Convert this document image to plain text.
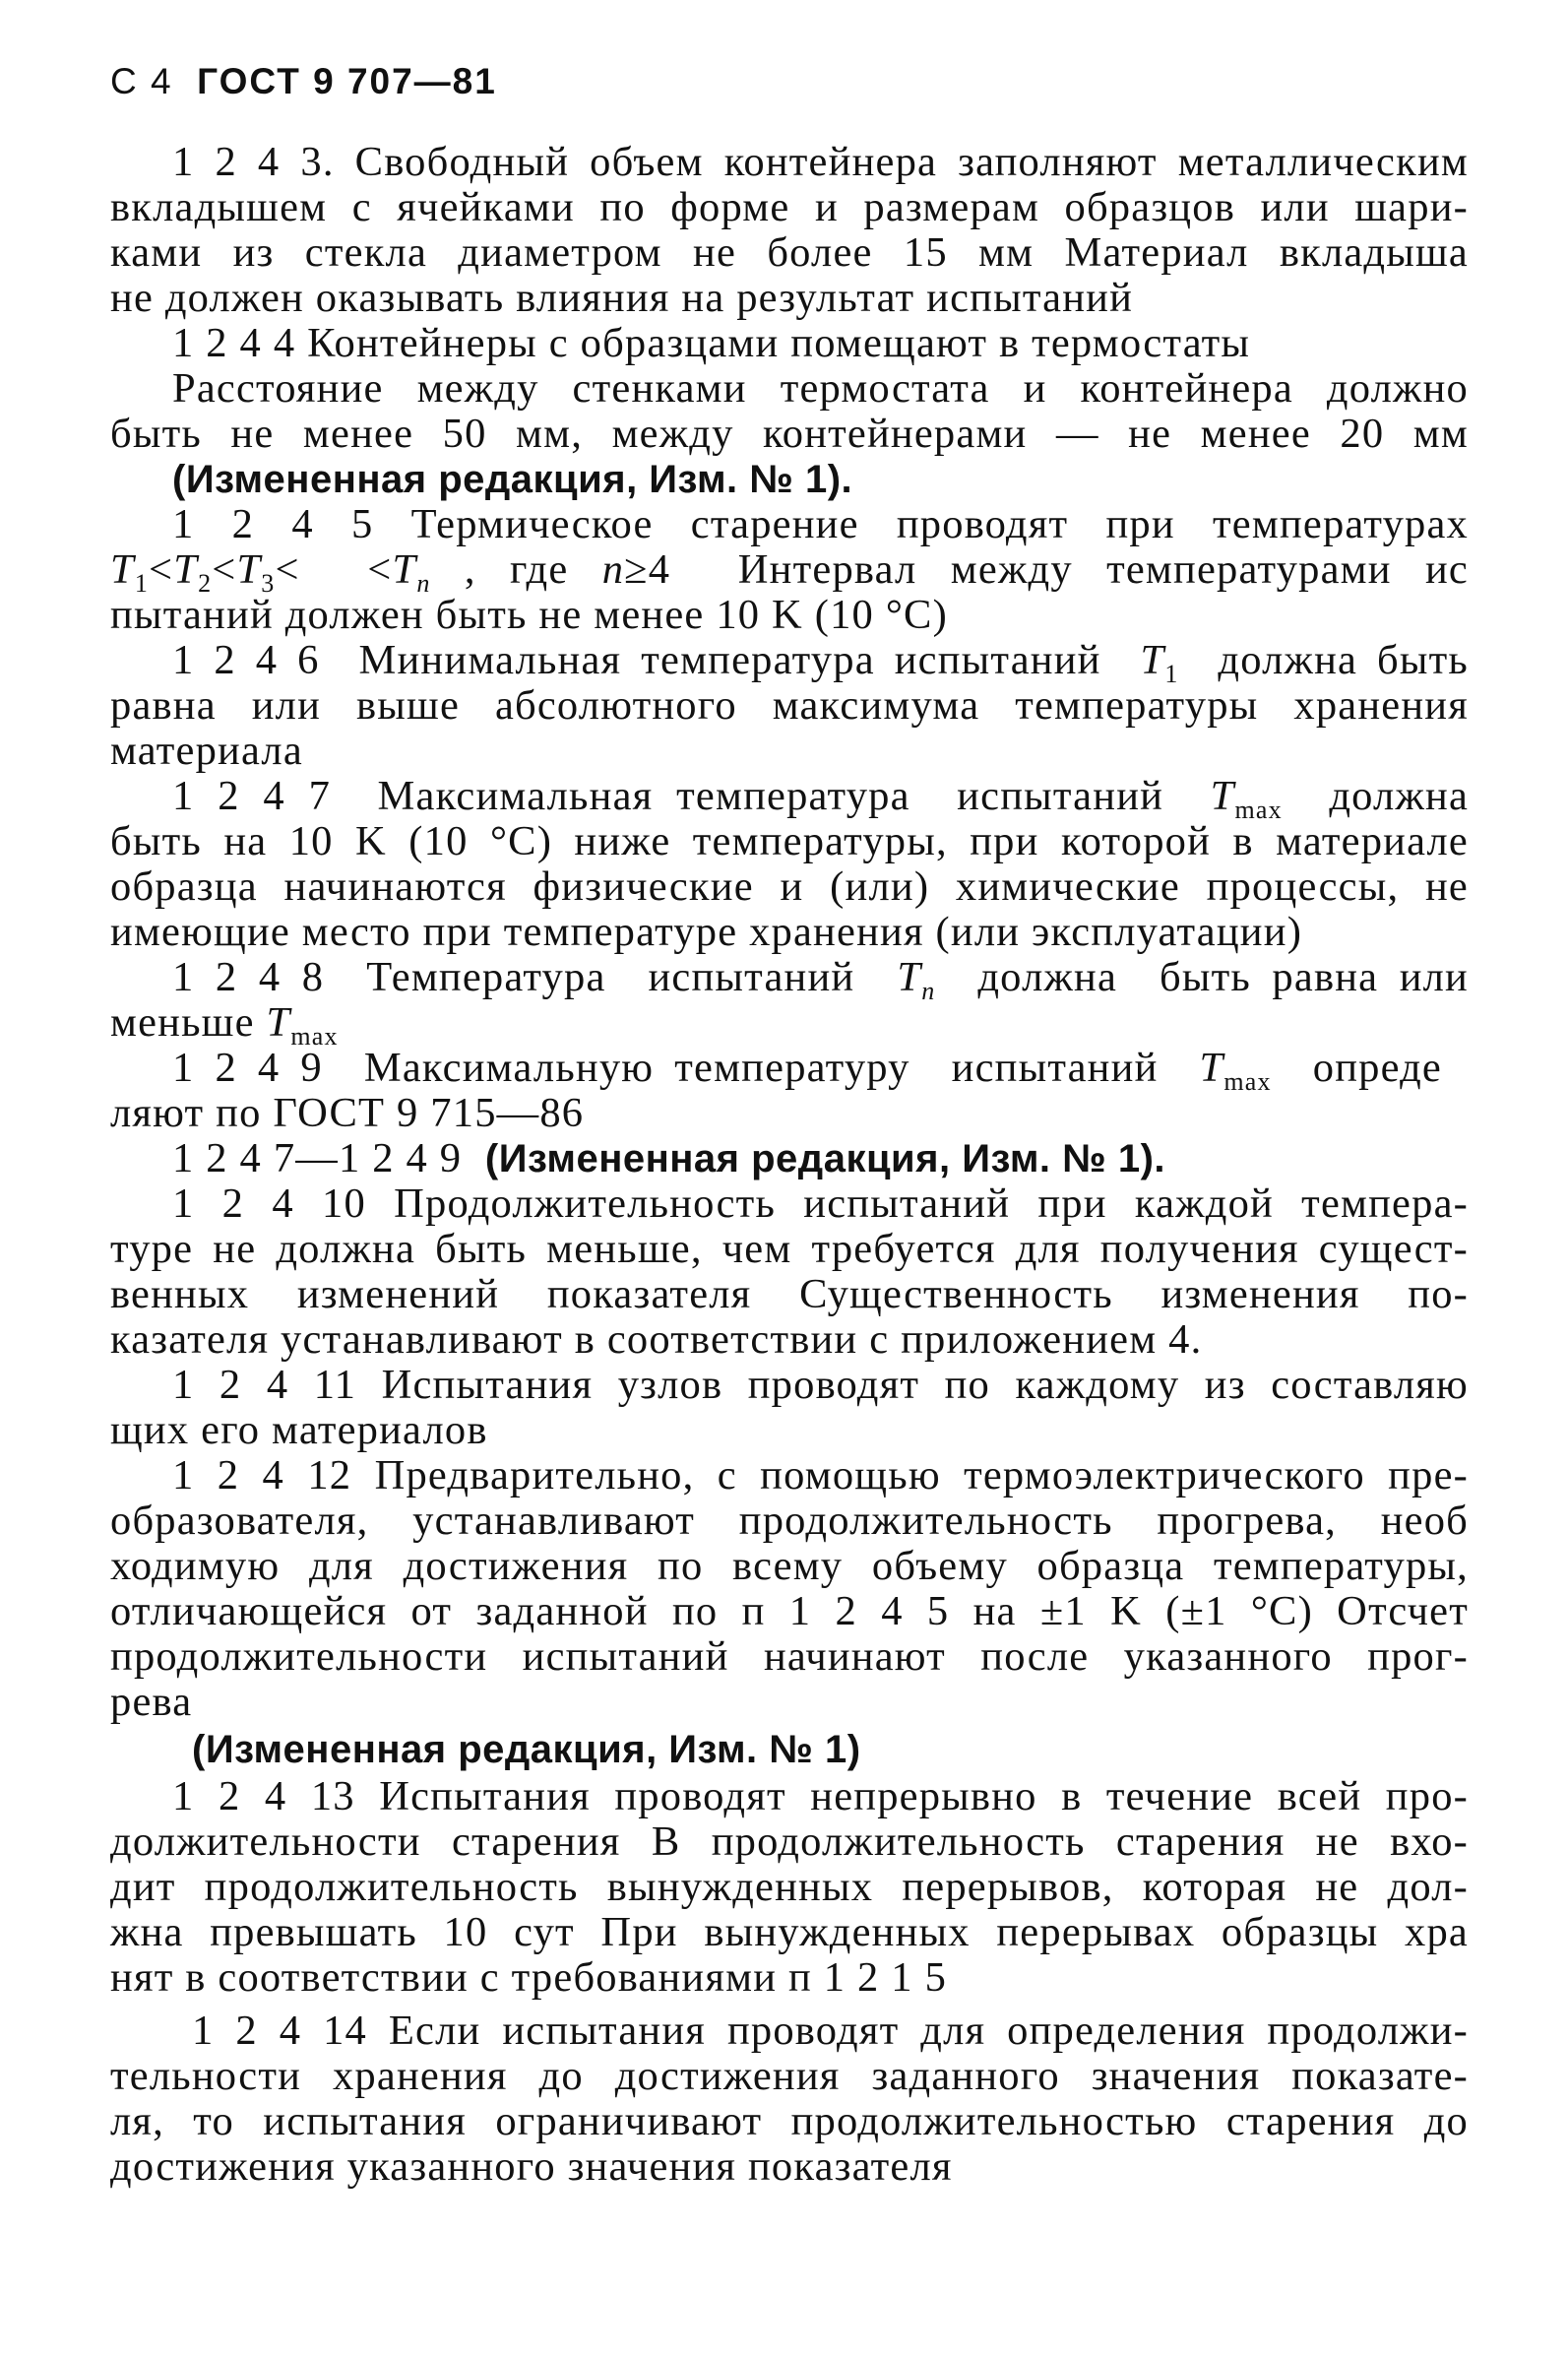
С 4 ГОСТ 9 707—81
1 2 4 3. Свободный объем контейнера заполняют металлическим
вкладышем с ячейками по форме и размерам образцов или шари-
ками из стекла диаметром не более 15 мм Материал вкладыша
не должен оказывать влияния на результат испытаний
1 2 4 4 Контейнеры с образцами помещают в термостаты
Расстояние между стенками термостата и контейнера должно
быть не менее 50 мм, между контейнерами — не менее 20 мм
(Измененная редакция, Изм. № 1).
1 2 4 5 Термическое старение проводят при температурах
$T_1<T_2<T_3< <T_n$ , где n≥4  Интервал между температурами ис
пытаний должен быть не менее 10 K (10 °C)
1 2 4 6  Минимальная температура испытаний  $T_1$  должна быть
равна или выше абсолютного максимума температуры хранения
материала
1 2 4 7  Максимальная температура  испытаний  $T_{max}$  должна
быть на 10 K (10 °C) ниже температуры, при которой в материале
образца начинаются физические и (или) химические процессы, не
имеющие место при температуре хранения (или эксплуатации)
1 2 4 8  Температура  испытаний  $T_n$  должна  быть равна или
меньше $T_{max}$
1 2 4 9  Максимальную температуру  испытаний  $T_{max}$  опреде
ляют по ГОСТ 9 715—86
1 2 4 7—1 2 4 9  (Измененная редакция, Изм. № 1).
1 2 4 10 Продолжительность испытаний при каждой темпера-
туре не должна быть меньше, чем требуется для получения сущест-
венных изменений показателя Существенность изменения по-
казателя устанавливают в соответствии с приложением 4.
1 2 4 11 Испытания узлов проводят по каждому из составляю
щих его материалов
1 2 4 12 Предварительно, с помощью термоэлектрического пре-
образователя, устанавливают продолжительность прогрева, необ
ходимую для достижения по всему объему образца температуры,
отличающейся от заданной по п 1 2 4 5 на ±1 K (±1 °C) Отсчет
продолжительности испытаний начинают после указанного прог-
рева
(Измененная редакция, Изм. № 1)
1 2 4 13 Испытания проводят непрерывно в течение всей про-
должительности старения В продолжительность старения не вхо-
дит продолжительность вынужденных перерывов, которая не дол-
жна превышать 10 сут При вынужденных перерывах образцы хра
нят в соответствии с требованиями п 1 2 1 5
1 2 4 14 Если испытания проводят для определения продолжи-
тельности хранения до достижения заданного значения показате-
ля, то испытания ограничивают продолжительностью старения до
достижения указанного значения показателя
